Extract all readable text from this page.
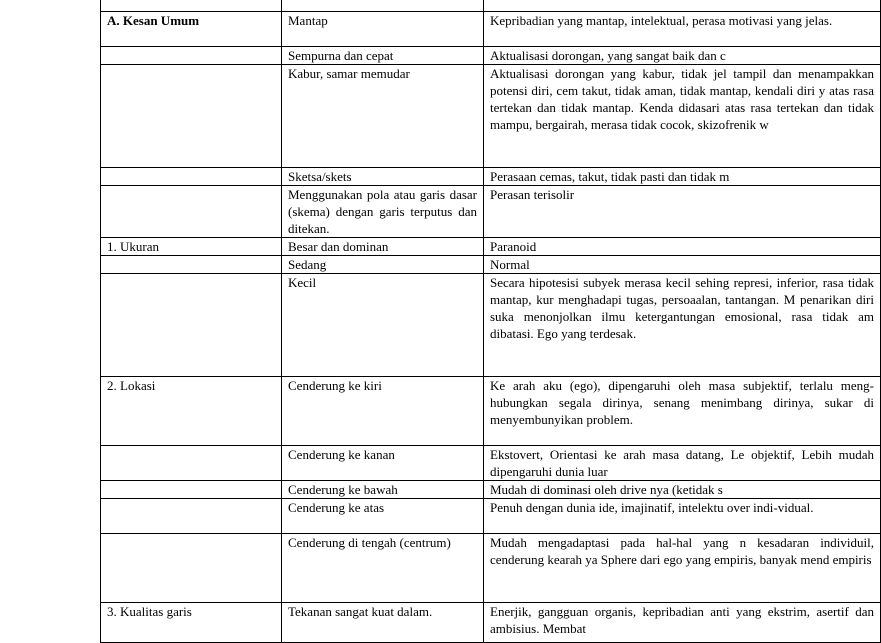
A. Kesan Umum	Mantap	Kepribadian yang mantap, intelektual, perasa motivasi yang jelas.
	Sempurna dan cepat	Aktualisasi dorongan, yang sangat baik dan c
	Kabur, samar memudar	Aktualisasi dorongan yang kabur, tidak jel tampil dan menampakkan potensi diri, cem takut, tidak aman, tidak mantap, kendali diri y atas rasa tertekan dan tidak mantap. Kenda didasari atas rasa tertekan dan tidak mampu, bergairah, merasa tidak cocok, skizofrenik w
	Sketsa/skets	Perasaan cemas, takut, tidak pasti dan tidak m
	Menggunakan pola atau garis dasar (skema) dengan garis terputus dan ditekan.	Perasan terisolir
1. Ukuran	Besar dan dominan	Paranoid
	Sedang	Normal
	Kecil	Secara hipotesisi subyek merasa kecil sehing represi, inferior, rasa tidak mantap, kur menghadapi tugas, persoaalan, tantangan. M penarikan diri suka menonjolkan ilmu ketergantungan emosional, rasa tidak am dibatasi. Ego yang terdesak.
2. Lokasi	Cenderung ke kiri	Ke arah aku (ego), dipengaruhi oleh masa subjektif, terlalu meng-hubungkan segala dirinya, senang menimbang dirinya, sukar di menyembunyikan problem.
	Cenderung ke kanan	Ekstovert, Orientasi ke arah masa datang, Le objektif, Lebih mudah dipengaruhi dunia luar
	Cenderung ke bawah	Mudah di dominasi oleh drive nya (ketidak s
	Cenderung ke atas	Penuh dengan dunia ide, imajinatif, intelektu over indi-vidual.
	Cenderung di tengah (centrum)	Mudah mengadaptasi pada hal-hal yang n kesadaran individuil, cenderung kearah ya Sphere dari ego yang empiris, banyak mend empiris
3. Kualitas garis	Tekanan sangat kuat dalam.	Enerjik, gangguan organis, kepribadian anti yang ekstrim, asertif dan ambisius. Membat
